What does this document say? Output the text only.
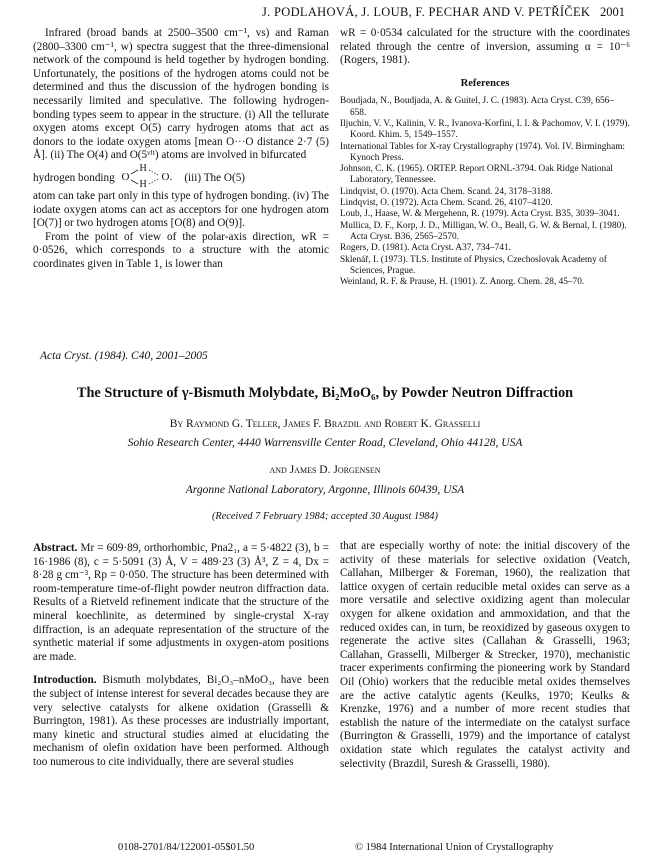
J. PODLAHOVÁ, J. LOUB, F. PECHAR AND V. PETŘÍČEK 2001

Infrared (broad bands at 2500–3500 cm⁻¹, vs) and Raman (2800–3300 cm⁻¹, w) spectra suggest that the three-dimensional network of the compound is held together by hydrogen bonding. Unfortunately, the positions of the hydrogen atoms could not be determined and thus the discussion of the hydrogen bonding is necessarily limited and speculative. The following hydrogen-bonding types seem to appear in the structure. (i) All the tellurate oxygen atoms except O(5) carry hydrogen atoms that act as donors to the iodate oxygen atoms [mean O···O distance 2·7 (5) Å]. (ii) The O(4) and O(5ᵛⁱⁱ) atoms are involved in bifurcated

hydrogen bonding O
H
H
O. (iii) The O(5)

atom can take part only in this type of hydrogen bonding. (iv) The iodate oxygen atoms can act as acceptors for one hydrogen atom [O(7)] or two hydrogen atoms [O(8) and O(9)].

From the point of view of the polar-axis direction, wR = 0·0526, which corresponds to a structure with the atomic coordinates given in Table 1, is lower than

wR = 0·0534 calculated for the structure with the coordinates related through the centre of inversion, assuming α = 10⁻⁶ (Rogers, 1981).

References

Boudjada, N., Boudjada, A. & Guitel, J. C. (1983). Acta Cryst. C39, 656–658.

Iljuchin, V. V., Kalinin, V. R., Ivanova-Korfini, I. I. & Pachomov, V. I. (1979). Koord. Khim. 5, 1549–1557.

International Tables for X-ray Crystallography (1974). Vol. IV. Birmingham: Kynoch Press.

Johnson, C. K. (1965). ORTEP. Report ORNL-3794. Oak Ridge National Laboratory, Tennessee.

Lindqvist, O. (1970). Acta Chem. Scand. 24, 3178–3188.

Lindqvist, O. (1972). Acta Chem. Scand. 26, 4107–4120.

Loub, J., Haase, W. & Mergehenn, R. (1979). Acta Cryst. B35, 3039–3041.

Mullica, D. F., Korp, J. D., Milligan, W. O., Beall, G. W. & Bernal, I. (1980). Acta Cryst. B36, 2565–2570.

Rogers, D. (1981). Acta Cryst. A37, 734–741.

Sklenář, I. (1973). TLS. Institute of Physics, Czechoslovak Academy of Sciences, Prague.

Weinland, R. F. & Prause, H. (1901). Z. Anorg. Chem. 28, 45–70.

Acta Cryst. (1984). C40, 2001–2005
The Structure of γ-Bismuth Molybdate, Bi₂MoO₆, by Powder Neutron Diffraction
By Raymond G. Teller, James F. Brazdil and Robert K. Grasselli
Sohio Research Center, 4440 Warrensville Center Road, Cleveland, Ohio 44128, USA
and James D. Jorgensen
Argonne National Laboratory, Argonne, Illinois 60439, USA
(Received 7 February 1984; accepted 30 August 1984)

Abstract. Mr = 609·89, orthorhombic, Pna2₁, a = 5·4822 (3), b = 16·1986 (8), c = 5·5091 (3) Å, V = 489·23 (3) Å³, Z = 4, Dx = 8·28 g cm⁻³, Rp = 0·050. The structure has been determined with room-temperature time-of-flight powder neutron diffraction data. Results of a Rietveld refinement indicate that the structure of the mineral koechlinite, as determined by single-crystal X-ray diffraction, is an adequate representation of the structure of the synthetic material if some adjustments in oxygen-atom positions are made.

Introduction. Bismuth molybdates, Bi₂O₃–nMoO₃, have been the subject of intense interest for several decades because they are very selective catalysts for alkene oxidation (Grasselli & Burrington, 1981). As these processes are industrially important, many kinetic and structural studies aimed at elucidating the mechanism of olefin oxidation have been performed. Although too numerous to cite individually, there are several studies

that are especially worthy of note: the initial discovery of the activity of these materials for selective oxidation (Veatch, Callahan, Milberger & Foreman, 1960), the realization that lattice oxygen of certain reducible metal oxides can serve as a more versatile and selective oxidizing agent than molecular oxygen for alkene oxidation and ammoxidation, and that the reduced oxides can, in turn, be reoxidized by gaseous oxygen to regenerate the active sites (Callahan & Grasselli, 1963; Callahan, Grasselli, Milberger & Strecker, 1970), mechanistic tracer experiments confirming the pioneering work by Standard Oil (Ohio) workers that the reducible metal oxides themselves are the active catalytic agents (Keulks, 1970; Keulks & Krenzke, 1976) and a number of more recent studies that establish the nature of the intermediate on the catalyst surface (Burrington & Grasselli, 1979) and the importance of catalyst oxidation state which regulates the catalyst activity and selectivity (Brazdil, Suresh & Grasselli, 1980).

0108-2701/84/122001-05$01.50	© 1984 International Union of Crystallography
